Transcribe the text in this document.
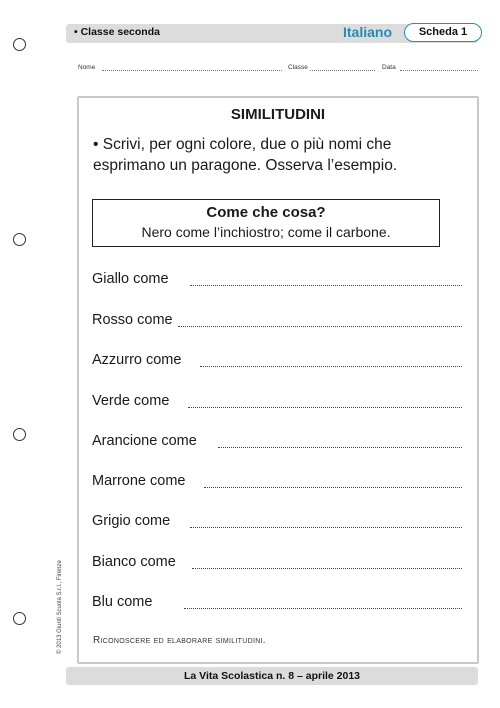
• Classe seconda	Italiano	Scheda 1
Nome	Classe	Data
SIMILITUDINI
• Scrivi, per ogni colore, due o più nomi che esprimano un paragone. Osserva l’esempio.
Come che cosa?
Nero come l’inchiostro; come il carbone.
Giallo come
Rosso come
Azzurro come
Verde come
Arancione come
Marrone come
Grigio come
Bianco come
Blu come
Riconoscere ed elaborare similitudini.
© 2013 Giunti Scuola S.r.l., Firenze
La Vita Scolastica n. 8 – aprile 2013
